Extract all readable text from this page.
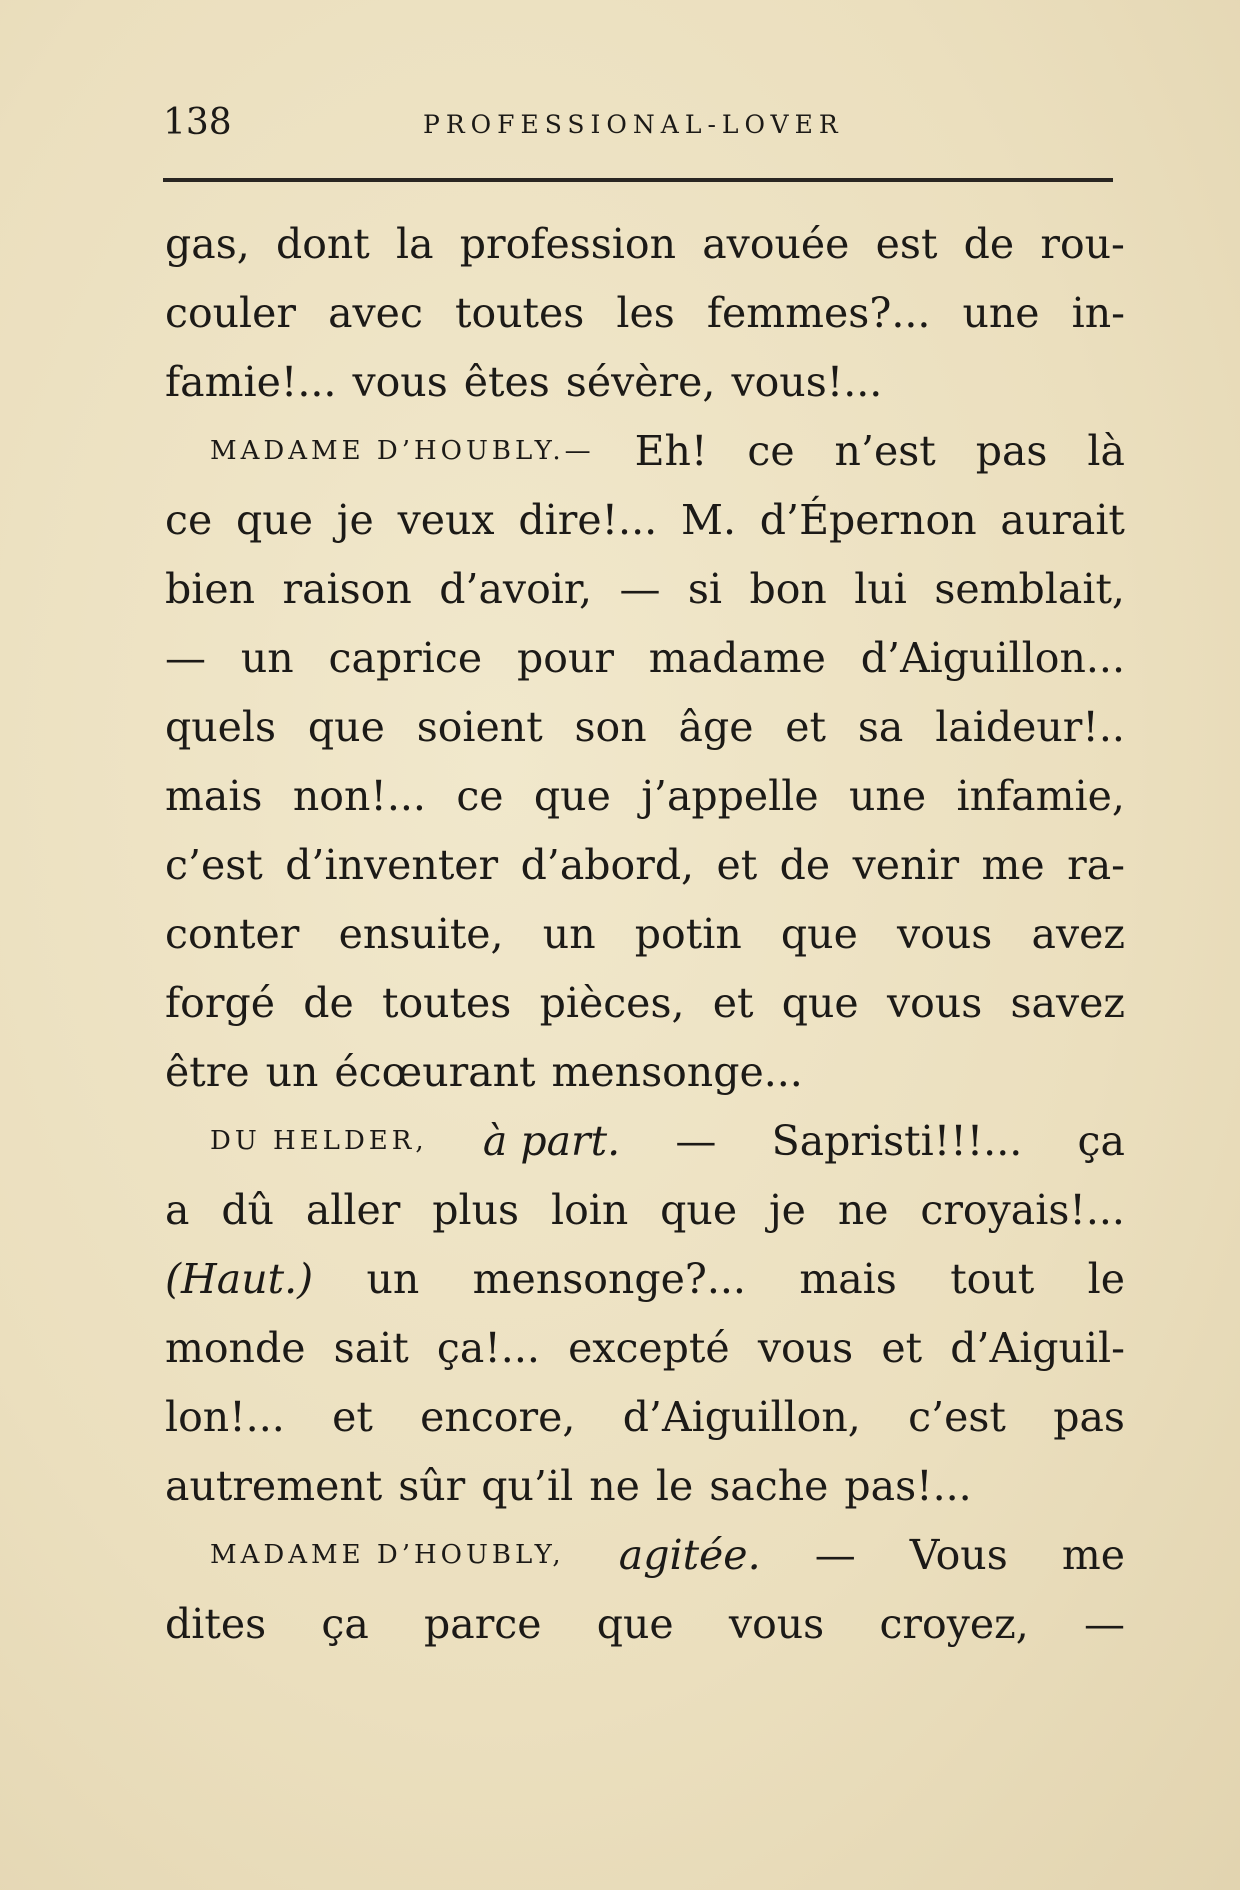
138	PROFESSIONAL-LOVER
gas, dont la profession avouée est de rou-
couler avec toutes les femmes?... une in-
famie!... vous êtes sévère, vous!...
MADAME D’HOUBLY.— Eh! ce n’est pas là
ce que je veux dire!... M. d’Épernon aurait
bien raison d’avoir, — si bon lui semblait,
— un caprice pour madame d’Aiguillon...
quels que soient son âge et sa laideur!..
mais non!... ce que j’appelle une infamie,
c’est d’inventer d’abord, et de venir me ra-
conter ensuite, un potin que vous avez
forgé de toutes pièces, et que vous savez
être un écœurant mensonge...
DU HELDER, à part. — Sapristi!!!... ça
a dû aller plus loin que je ne croyais!...
(Haut.) un mensonge?... mais tout le
monde sait ça!... excepté vous et d’Aiguil-
lon!... et encore, d’Aiguillon, c’est pas
autrement sûr qu’il ne le sache pas!...
MADAME D’HOUBLY, agitée. — Vous me
dites ça parce que vous croyez, —
